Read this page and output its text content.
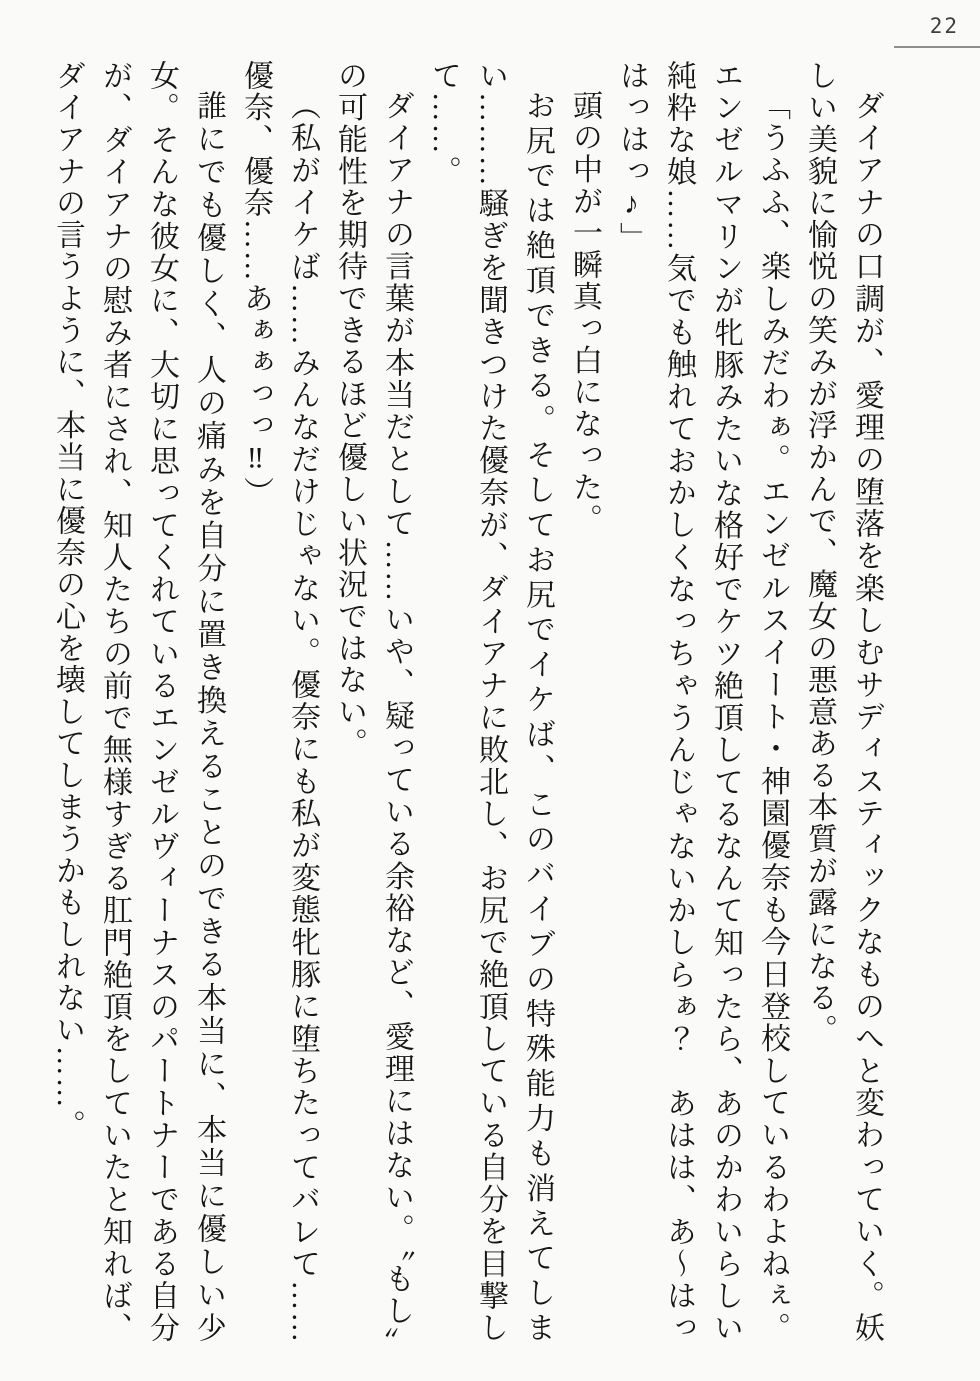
22

ダイアナの口調が、愛理の堕落を楽しむサディスティックなものへと変わっていく。妖しい美貌に愉悦の笑みが浮かんで、魔女の悪意ある本質が露になる。

「うふふ、楽しみだわぁ。エンゼルスイート・神園優奈も今日登校しているわよねぇ。エンゼルマリンが牝豚みたいな格好でケツ絶頂してるなんて知ったら、あのかわいらしい純粋な娘……気でも触れておかしくなっちゃうんじゃないかしらぁ？　あはは、あ〜はっはっはっ♪」

頭の中が一瞬真っ白になった。

お尻では絶頂できる。そしてお尻でイケば、このバイブの特殊能力も消えてしまい………騒ぎを聞きつけた優奈が、ダイアナに敗北し、お尻で絶頂している自分を目撃して……。

ダイアナの言葉が本当だとして……いや、疑っている余裕など、愛理にはない。〝もし〟の可能性を期待できるほど優しい状況ではない。

（私がイケば……みんなだけじゃない。優奈にも私が変態牝豚に堕ちたってバレて……優奈、優奈……あぁぁっっ‼）

誰にでも優しく、人の痛みを自分に置き換えることのできる本当に、本当に優しい少女。そんな彼女に、大切に思ってくれているエンゼルヴィーナスのパートナーである自分が、ダイアナの慰み者にされ、知人たちの前で無様すぎる肛門絶頂をしていたと知れば、ダイアナの言うように、本当に優奈の心を壊してしまうかもしれない……。
